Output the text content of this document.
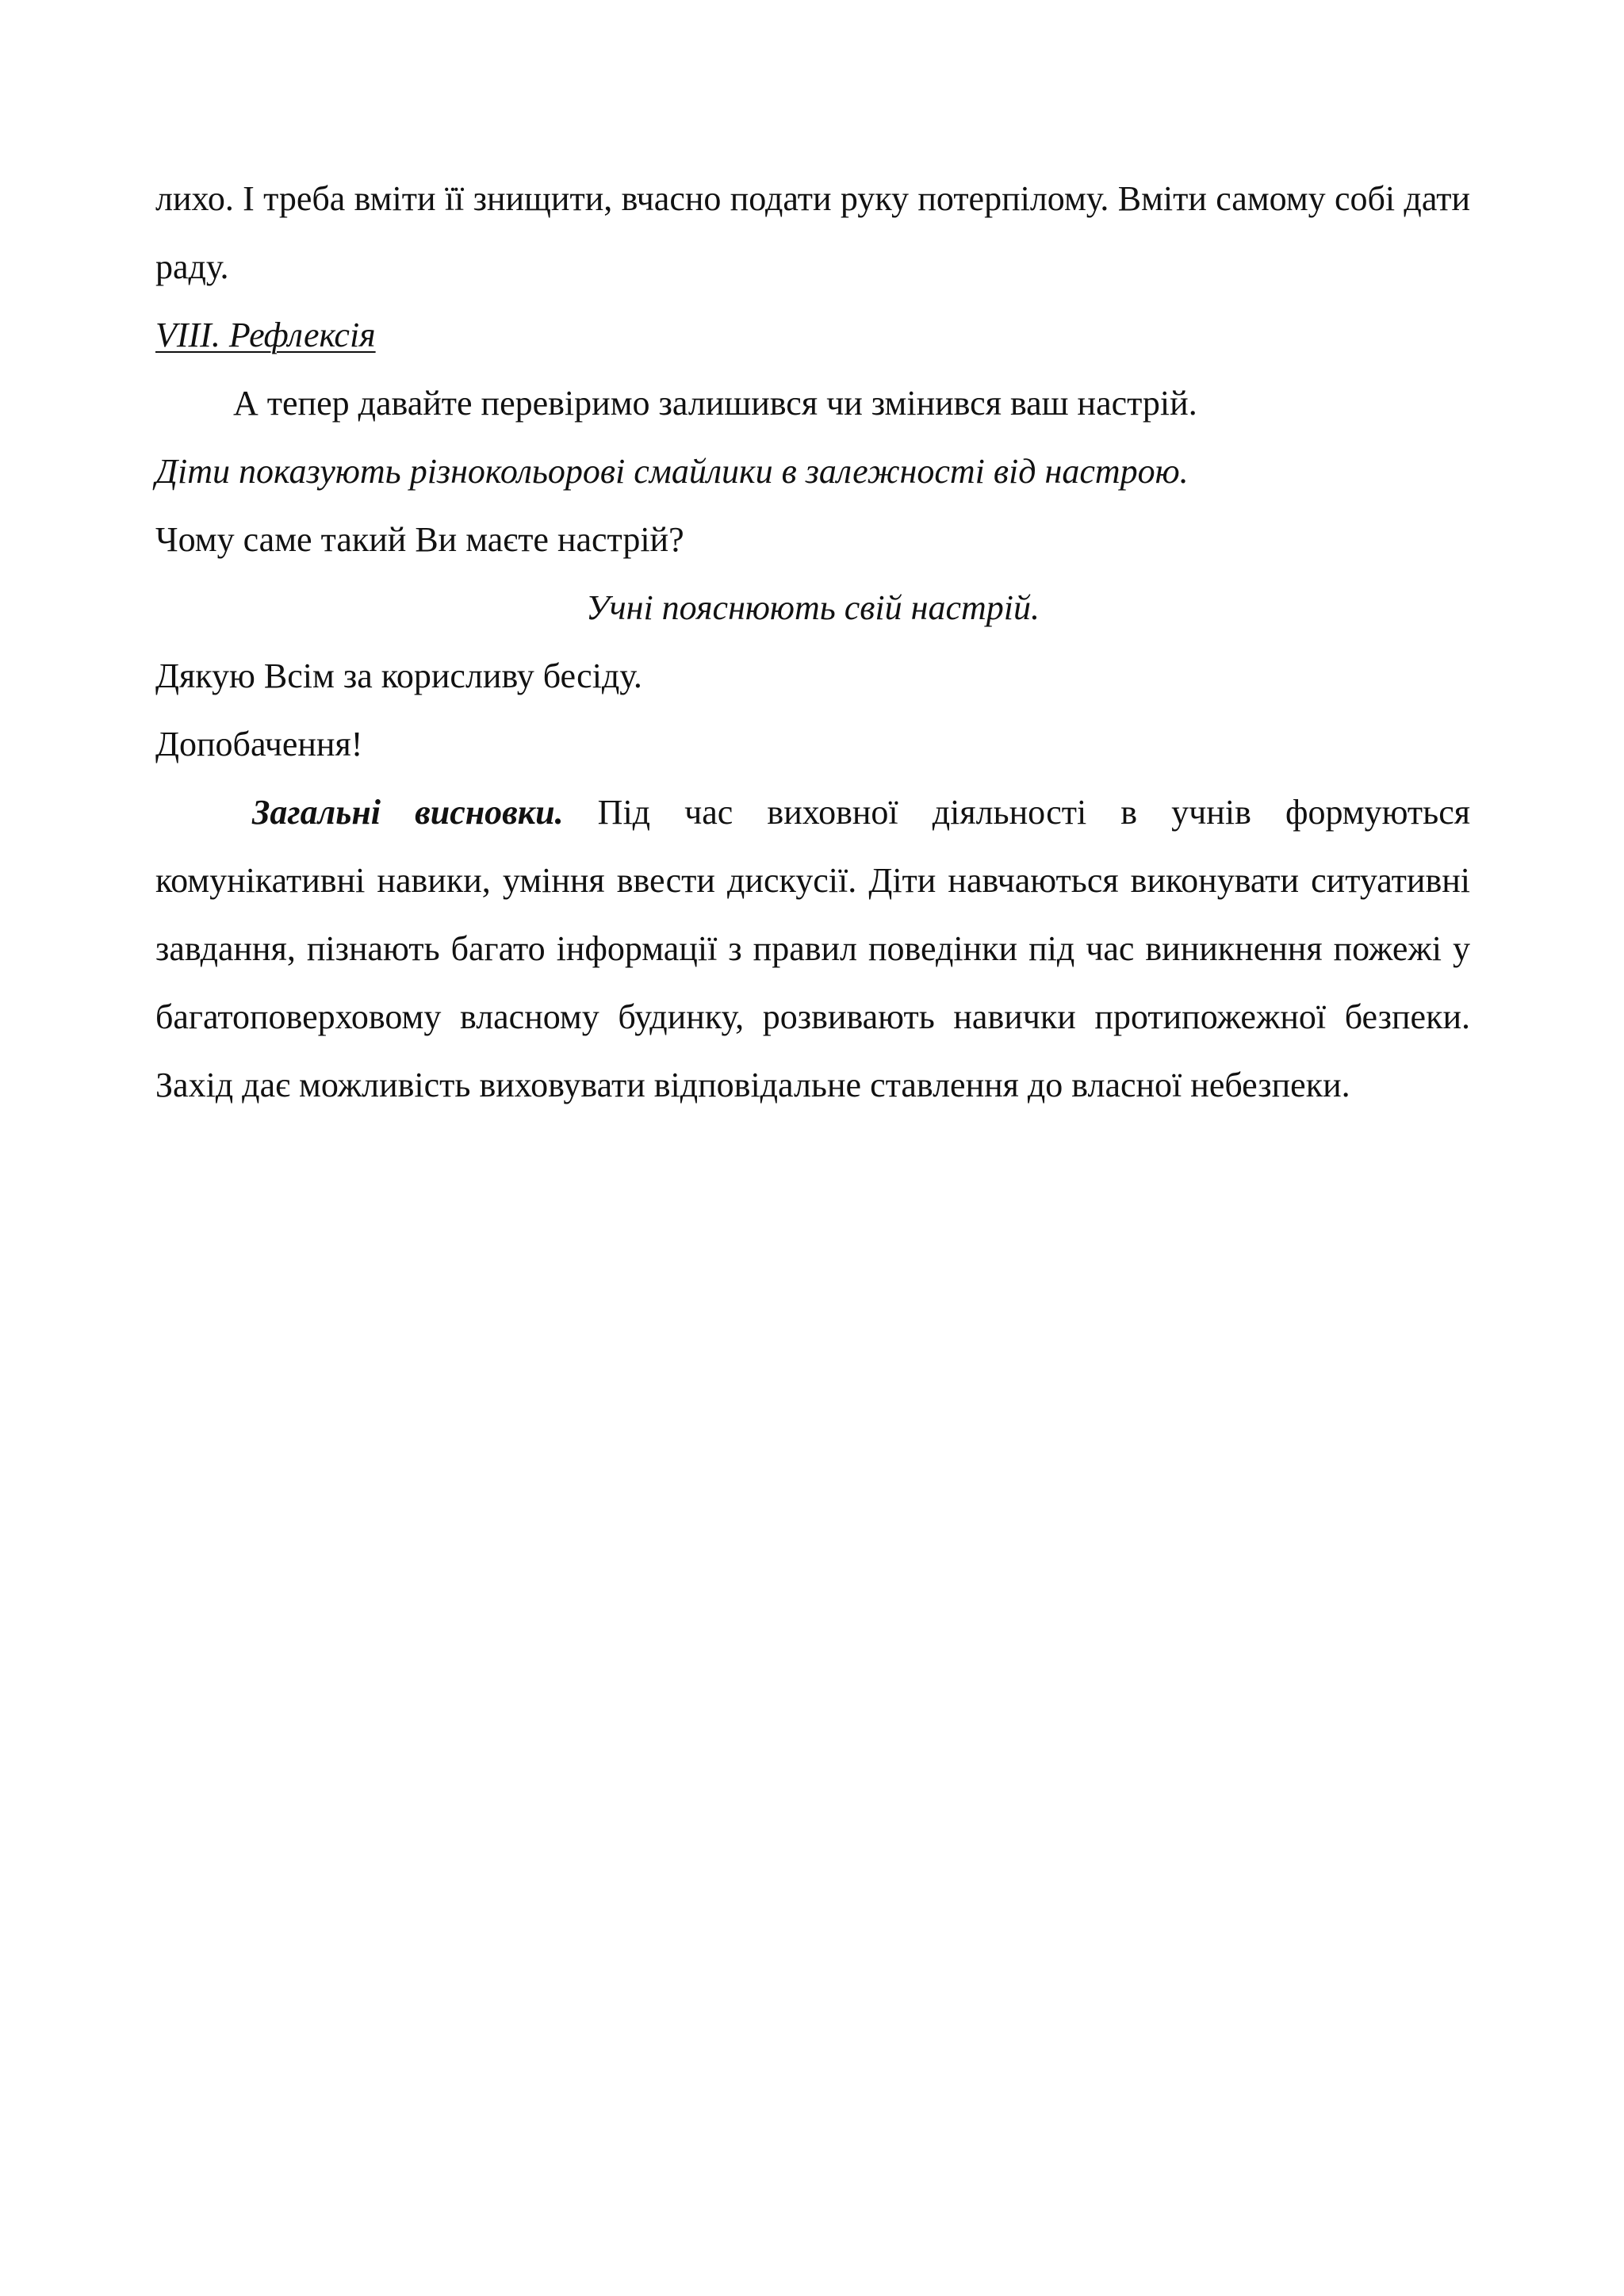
лихо. І треба вміти її знищити, вчасно подати руку потерпілому. Вміти самому собі дати раду.

VIII. Рефлексія

А тепер давайте перевіримо залишився чи змінився ваш настрій.

Діти показують різнокольорові смайлики в залежності від настрою.

Чому саме такий Ви маєте настрій?

Учні пояснюють свій настрій.

Дякую Всім за корисливу бесіду.

Допобачення!

Загальні висновки. Під час виховної діяльності в учнів формуються комунікативні навики, уміння ввести дискусії. Діти навчаються виконувати ситуативні завдання, пізнають багато інформації з правил поведінки під час виникнення пожежі у багатоповерховому власному будинку, розвивають навички протипожежної безпеки. Захід дає можливість виховувати відповідальне ставлення до власної небезпеки.
